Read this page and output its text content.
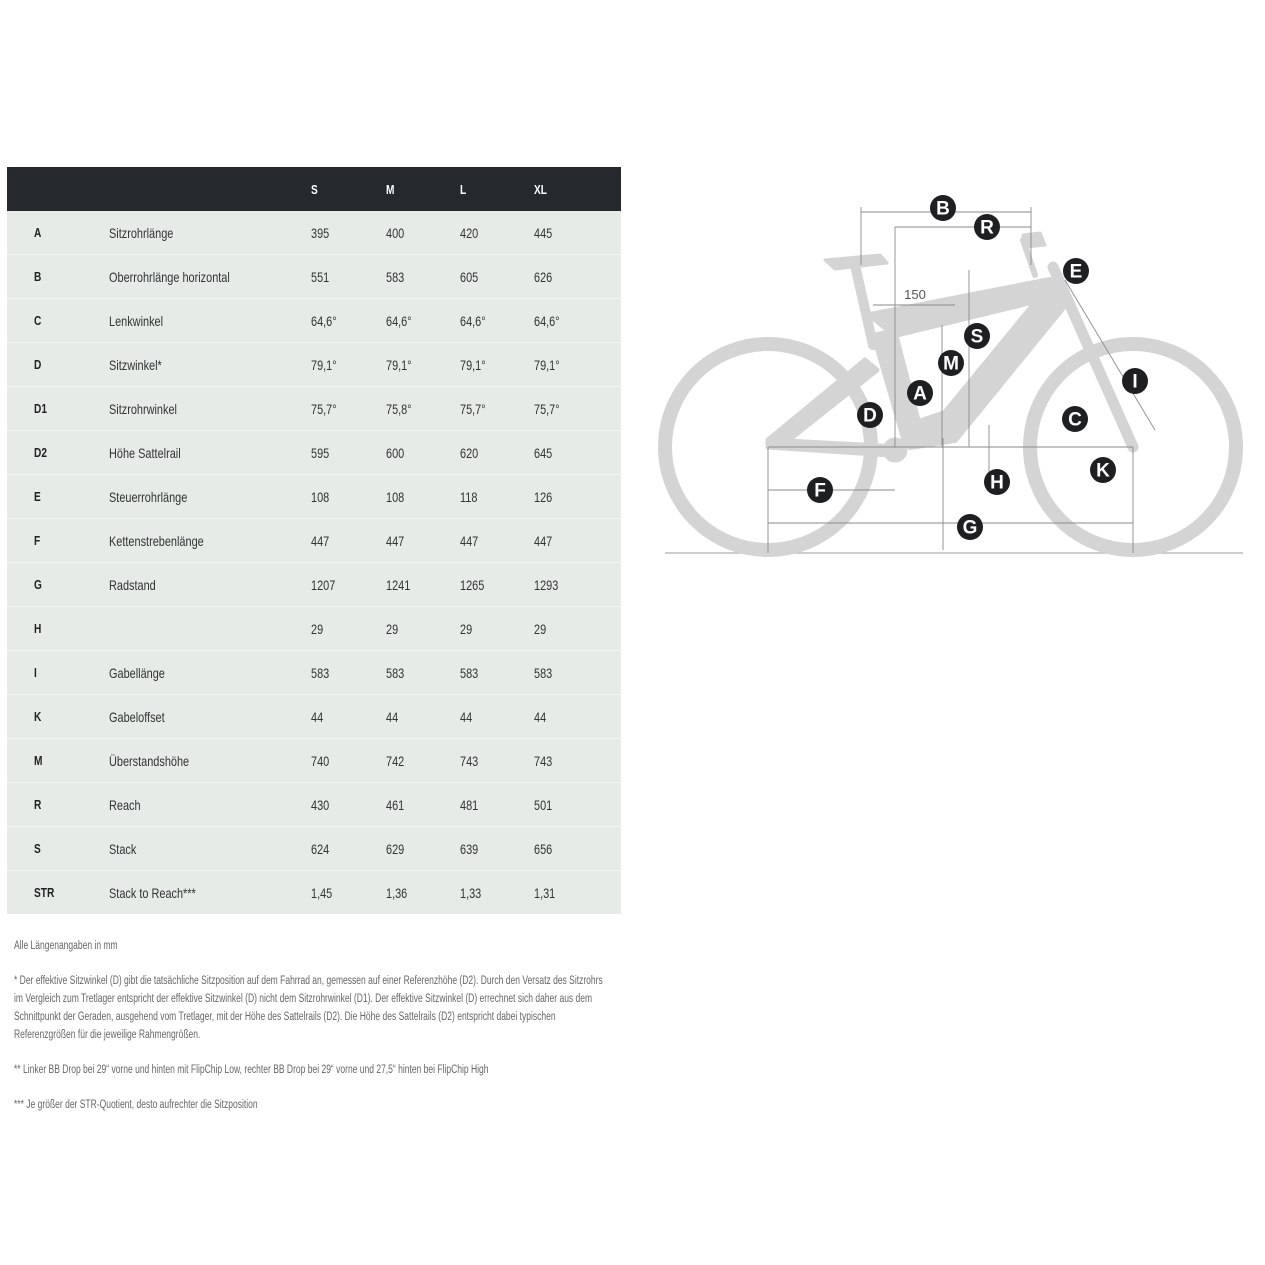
		S	M	L	XL
A	Sitzrohrlänge	395	400	420	445
B	Oberrohrlänge horizontal	551	583	605	626
C	Lenkwinkel	64,6°	64,6°	64,6°	64,6°
D	Sitzwinkel*	79,1°	79,1°	79,1°	79,1°
D1	Sitzrohrwinkel	75,7°	75,8°	75,7°	75,7°
D2	Höhe Sattelrail	595	600	620	645
E	Steuerrohrlänge	108	108	118	126
F	Kettenstrebenlänge	447	447	447	447
G	Radstand	1207	1241	1265	1293
H		29	29	29	29
I	Gabellänge	583	583	583	583
K	Gabeloffset	44	44	44	44
M	Überstandshöhe	740	742	743	743
R	Reach	430	461	481	501
S	Stack	624	629	639	656
STR	Stack to Reach***	1,45	1,36	1,33	1,31

Alle Längenangaben in mm

* Der effektive Sitzwinkel (D) gibt die tatsächliche Sitzposition auf dem Fahrrad an, gemessen auf einer Referenzhöhe (D2). Durch den Versatz des Sitzrohrs im Vergleich zum Tretlager entspricht der effektive Sitzwinkel (D) nicht dem Sitzrohrwinkel (D1). Der effektive Sitzwinkel (D) errechnet sich daher aus dem Schnittpunkt der Geraden, ausgehend vom Tretlager, mit der Höhe des Sattelrails (D2). Die Höhe des Sattelrails (D2) entspricht dabei typischen Referenzgrößen für die jeweilige Rahmengrößen.

** Linker BB Drop bei 29“ vorne und hinten mit FlipChip Low, rechter BB Drop bei 29“ vorne und 27,5“ hinten bei FlipChip High

*** Je größer der STR-Quotient, desto aufrechter die Sitzposition

150
B
R
E
S
M
A
D
I
C
K
H
F
G
